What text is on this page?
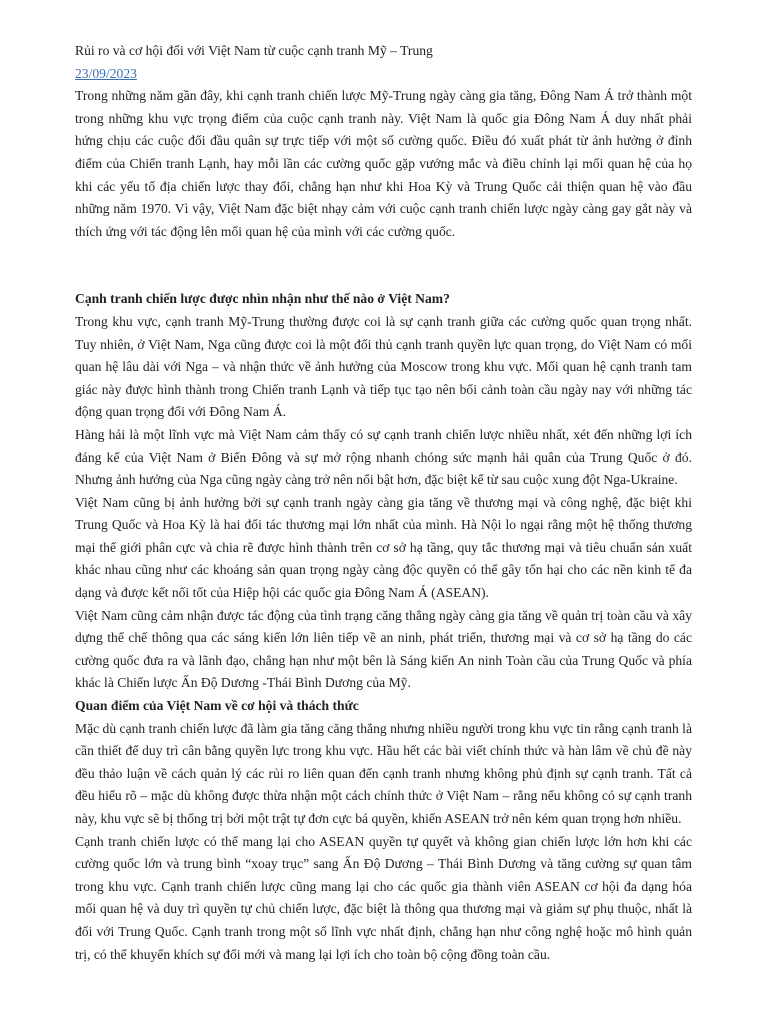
Rủi ro và cơ hội đối với Việt Nam từ cuộc cạnh tranh Mỹ – Trung
23/09/2023

Trong những năm gần đây, khi cạnh tranh chiến lược Mỹ-Trung ngày càng gia tăng, Đông Nam Á trở thành một trong những khu vực trọng điểm của cuộc cạnh tranh này. Việt Nam là quốc gia Đông Nam Á duy nhất phải hứng chịu các cuộc đối đầu quân sự trực tiếp với một số cường quốc. Điều đó xuất phát từ ảnh hưởng ở đỉnh điểm của Chiến tranh Lạnh, hay mỗi lần các cường quốc gặp vướng mắc và điều chỉnh lại mối quan hệ của họ khi các yếu tố địa chiến lược thay đổi, chẳng hạn như khi Hoa Kỳ và Trung Quốc cải thiện quan hệ vào đầu những năm 1970. Vì vậy, Việt Nam đặc biệt nhạy cảm với cuộc cạnh tranh chiến lược ngày càng gay gắt này và thích ứng với tác động lên mối quan hệ của mình với các cường quốc.

Cạnh tranh chiến lược được nhìn nhận như thế nào ở Việt Nam?

Trong khu vực, cạnh tranh Mỹ-Trung thường được coi là sự cạnh tranh giữa các cường quốc quan trọng nhất. Tuy nhiên, ở Việt Nam, Nga cũng được coi là một đối thủ cạnh tranh quyền lực quan trọng, do Việt Nam có mối quan hệ lâu dài với Nga – và nhận thức về ảnh hưởng của Moscow trong khu vực. Mối quan hệ cạnh tranh tam giác này được hình thành trong Chiến tranh Lạnh và tiếp tục tạo nên bối cảnh toàn cầu ngày nay với những tác động quan trọng đối với Đông Nam Á.

Hàng hải là một lĩnh vực mà Việt Nam cảm thấy có sự cạnh tranh chiến lược nhiều nhất, xét đến những lợi ích đáng kể của Việt Nam ở Biển Đông và sự mở rộng nhanh chóng sức mạnh hải quân của Trung Quốc ở đó. Nhưng ảnh hưởng của Nga cũng ngày càng trở nên nổi bật hơn, đặc biệt kể từ sau cuộc xung đột Nga-Ukraine.

Việt Nam cũng bị ảnh hưởng bởi sự cạnh tranh ngày càng gia tăng về thương mại và công nghệ, đặc biệt khi Trung Quốc và Hoa Kỳ là hai đối tác thương mại lớn nhất của mình. Hà Nội lo ngại rằng một hệ thống thương mại thế giới phân cực và chia rẽ được hình thành trên cơ sở hạ tầng, quy tắc thương mại và tiêu chuẩn sản xuất khác nhau cũng như các khoáng sản quan trọng ngày càng độc quyền có thể gây tổn hại cho các nền kinh tế đa dạng và được kết nối tốt của Hiệp hội các quốc gia Đông Nam Á (ASEAN).

Việt Nam cũng cảm nhận được tác động của tình trạng căng thẳng ngày càng gia tăng về quản trị toàn cầu và xây dựng thể chế thông qua các sáng kiến lớn liên tiếp về an ninh, phát triển, thương mại và cơ sở hạ tầng do các cường quốc đưa ra và lãnh đạo, chẳng hạn như một bên là Sáng kiến An ninh Toàn cầu của Trung Quốc và phía khác là Chiến lược Ấn Độ Dương -Thái Bình Dương của Mỹ.

Quan điểm của Việt Nam về cơ hội và thách thức

Mặc dù cạnh tranh chiến lược đã làm gia tăng căng thẳng nhưng nhiều người trong khu vực tin rằng cạnh tranh là cần thiết để duy trì cân bằng quyền lực trong khu vực. Hầu hết các bài viết chính thức và hàn lâm về chủ đề này đều thảo luận về cách quản lý các rủi ro liên quan đến cạnh tranh nhưng không phủ định sự cạnh tranh. Tất cả đều hiểu rõ – mặc dù không được thừa nhận một cách chính thức ở Việt Nam – rằng nếu không có sự cạnh tranh này, khu vực sẽ bị thống trị bởi một trật tự đơn cực bá quyền, khiến ASEAN trở nên kém quan trọng hơn nhiều.

Cạnh tranh chiến lược có thể mang lại cho ASEAN quyền tự quyết và không gian chiến lược lớn hơn khi các cường quốc lớn và trung bình “xoay trục” sang Ấn Độ Dương – Thái Bình Dương và tăng cường sự quan tâm trong khu vực. Cạnh tranh chiến lược cũng mang lại cho các quốc gia thành viên ASEAN cơ hội đa dạng hóa mối quan hệ và duy trì quyền tự chủ chiến lược, đặc biệt là thông qua thương mại và giảm sự phụ thuộc, nhất là đối với Trung Quốc. Cạnh tranh trong một số lĩnh vực nhất định, chẳng hạn như công nghệ hoặc mô hình quản trị, có thể khuyến khích sự đổi mới và mang lại lợi ích cho toàn bộ cộng đồng toàn cầu.
